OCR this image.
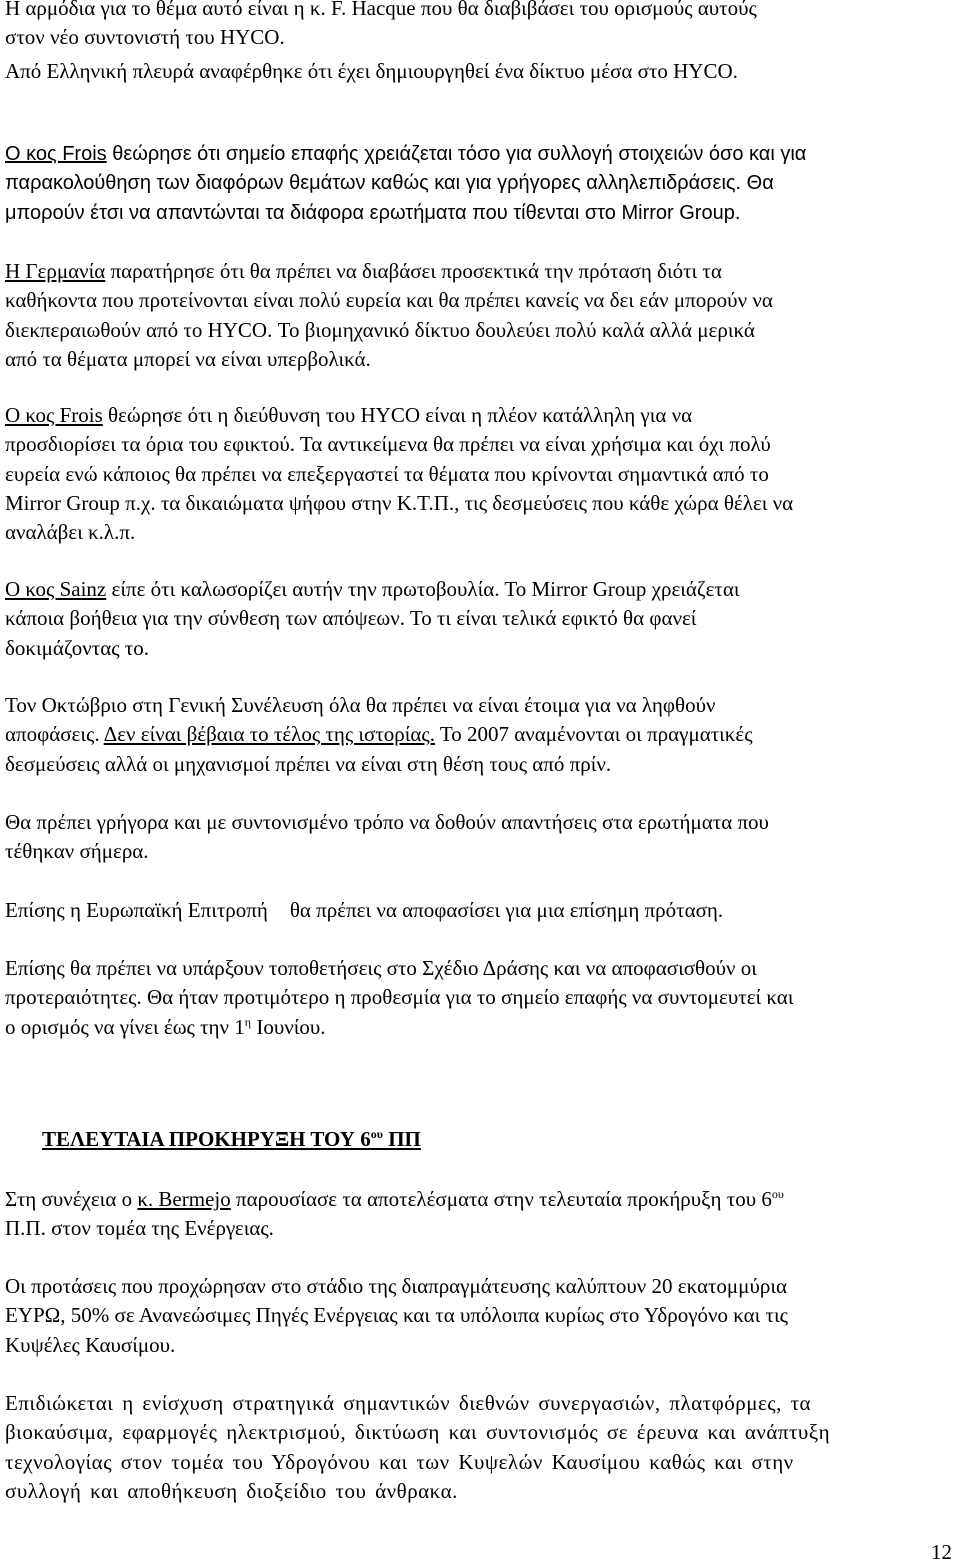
Η αρμόδια για το θέμα αυτό είναι η κ. F. Hacque που θα διαβιβάσει του ορισμούς αυτούς
στον νέο συντονιστή του HYCO.
Από Ελληνική πλευρά αναφέρθηκε ότι έχει δημιουργηθεί ένα δίκτυο μέσα στο HYCO.
Ο κος Frois θεώρησε ότι σημείο επαφής χρειάζεται τόσο για συλλογή στοιχειών όσο και για
παρακολούθηση των διαφόρων θεμάτων καθώς και για γρήγορες αλληλεπιδράσεις. Θα
μπορούν έτσι να απαντώνται τα διάφορα ερωτήματα που τίθενται στο Mirror Group.
Η Γερμανία παρατήρησε ότι θα πρέπει να διαβάσει προσεκτικά την πρόταση διότι τα
καθήκοντα που προτείνονται είναι πολύ ευρεία και θα πρέπει κανείς να δει εάν μπορούν να
διεκπεραιωθούν από το HYCO. Το βιομηχανικό δίκτυο δουλεύει πολύ καλά αλλά μερικά
από τα θέματα μπορεί να είναι υπερβολικά.
Ο κος Frois θεώρησε ότι η διεύθυνση του HYCO είναι η πλέον κατάλληλη για να
προσδιορίσει τα όρια του εφικτού. Τα αντικείμενα θα πρέπει να είναι χρήσιμα και όχι πολύ
ευρεία ενώ κάποιος θα πρέπει να επεξεργαστεί τα θέματα που κρίνονται σημαντικά από το
Mirror Group π.χ. τα δικαιώματα ψήφου στην Κ.Τ.Π., τις δεσμεύσεις που κάθε χώρα θέλει να
αναλάβει κ.λ.π.
Ο κος Sainz είπε ότι καλωσορίζει αυτήν την πρωτοβουλία. Το Mirror Group χρειάζεται
κάποια βοήθεια για την σύνθεση των απόψεων. Το τι είναι τελικά εφικτό θα φανεί
δοκιμάζοντας το.
Τον Οκτώβριο στη Γενική Συνέλευση όλα θα πρέπει να είναι έτοιμα για να ληφθούν
αποφάσεις. Δεν είναι βέβαια το τέλος της ιστορίας. Το 2007 αναμένονται οι πραγματικές
δεσμεύσεις αλλά οι μηχανισμοί πρέπει να είναι στη θέση τους από πρίν.
Θα πρέπει γρήγορα και με συντονισμένο τρόπο να δοθούν απαντήσεις στα ερωτήματα που
τέθηκαν σήμερα.
Επίσης η Ευρωπαϊκή Επιτροπή θα πρέπει να αποφασίσει για μια επίσημη πρόταση.
Επίσης θα πρέπει να υπάρξουν τοποθετήσεις στο Σχέδιο Δράσης και να αποφασισθούν οι
προτεραιότητες. Θα ήταν προτιμότερο η προθεσμία για το σημείο επαφής να συντομευτεί και
ο ορισμός να γίνει έως την $1^\eta$ Ιουνίου.
ΤΕΛΕΥΤΑΙΑ ΠΡΟΚΗΡΥΞΗ ΤΟΥ $6^{o\upsilon}$ ΠΠ
Στη συνέχεια ο κ. Bermejo παρουσίασε τα αποτελέσματα στην τελευταία προκήρυξη του $6^{o\upsilon}$
Π.Π. στον τομέα της Ενέργειας.
Οι προτάσεις που προχώρησαν στο στάδιο της διαπραγμάτευσης καλύπτουν 20 εκατομμύρια
ΕΥΡΩ, 50% σε Ανανεώσιμες Πηγές Ενέργειας και τα υπόλοιπα κυρίως στο Υδρογόνο και τις
Κυψέλες Καυσίμου.
Επιδιώκεται η ενίσχυση στρατηγικά σημαντικών διεθνών συνεργασιών, πλατφόρμες, τα
βιοκαύσιμα, εφαρμογές ηλεκτρισμού, δικτύωση και συντονισμός σε έρευνα και ανάπτυξη
τεχνολογίας στον τομέα του Υδρογόνου και των Κυψελών Καυσίμου καθώς και στην
συλλογή και αποθήκευση διοξείδιο του άνθρακα.
12
